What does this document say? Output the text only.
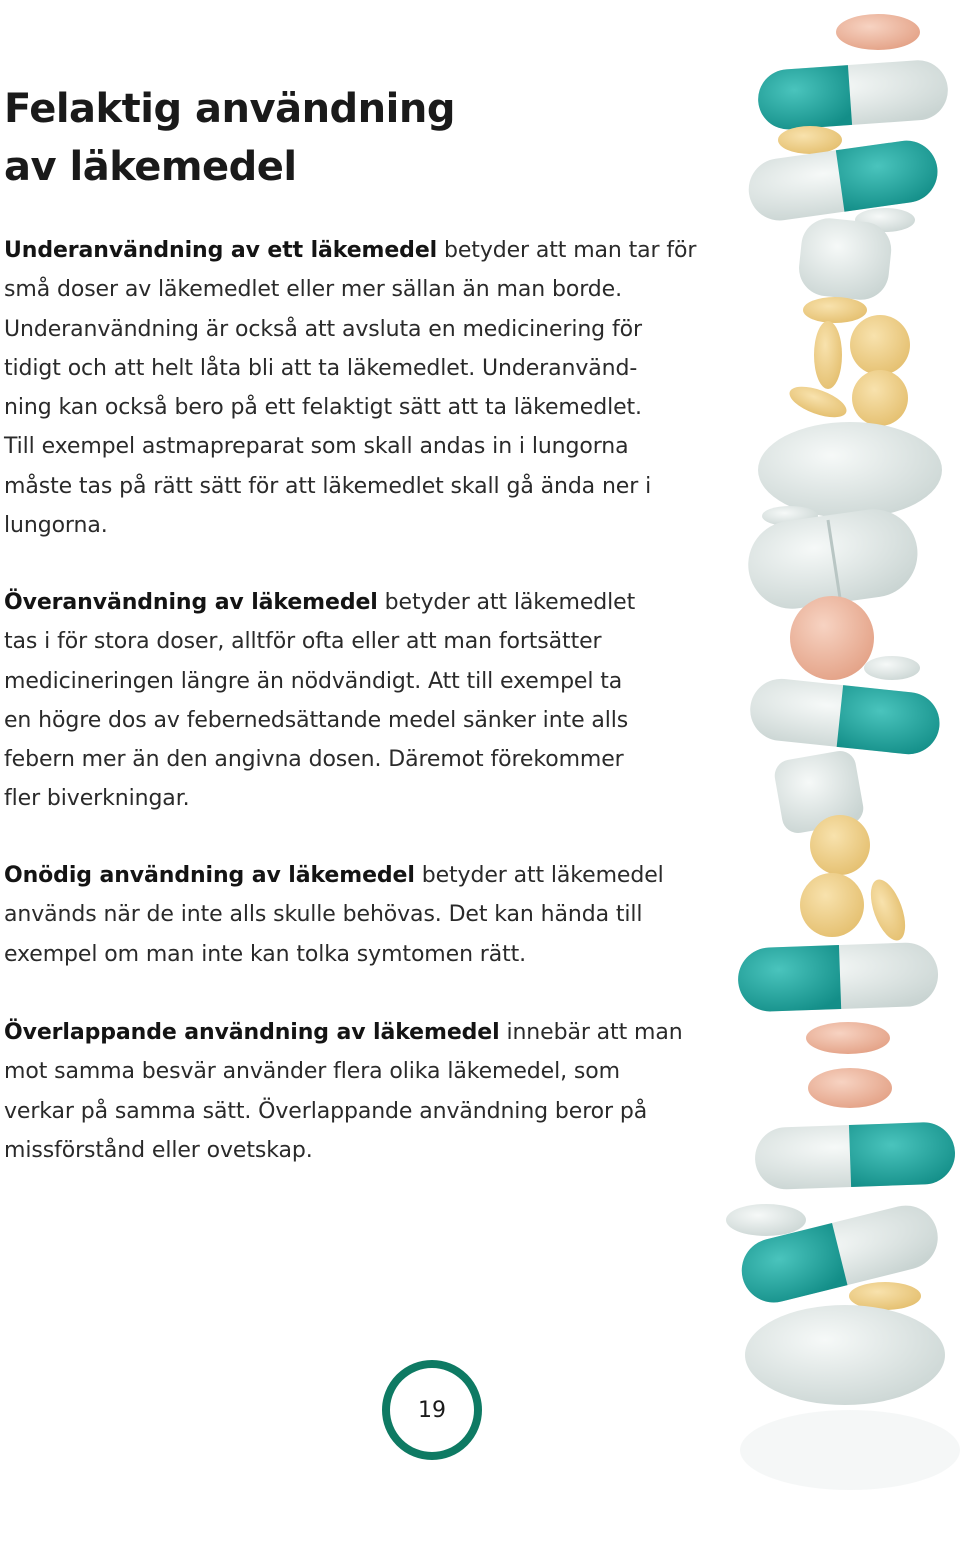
Felaktig användning
av läkemedel

Underanvändning av ett läkemedel betyder att man tar för
små doser av läkemedlet eller mer sällan än man borde.
Underanvändning är också att avsluta en medicinering för
tidigt och att helt låta bli att ta läkemedlet. Underanvänd-
ning kan också bero på ett felaktigt sätt att ta läkemedlet.
Till exempel astmapreparat som skall andas in i lungorna
måste tas på rätt sätt för att läkemedlet skall gå ända ner i
lungorna.

Överanvändning av läkemedel betyder att läkemedlet
tas i för stora doser, alltför ofta eller att man fortsätter
medicineringen längre än nödvändigt. Att till exempel ta
en högre dos av febernedsättande medel sänker inte alls
febern mer än den angivna dosen. Däremot förekommer
fler biverkningar.

Onödig användning av läkemedel betyder att läkemedel
används när de inte alls skulle behövas. Det kan hända till
exempel om man inte kan tolka symtomen rätt.

Överlappande användning av läkemedel innebär att man
mot samma besvär använder flera olika läkemedel, som
verkar på samma sätt. Överlappande användning beror på
missförstånd eller ovetskap.

19
